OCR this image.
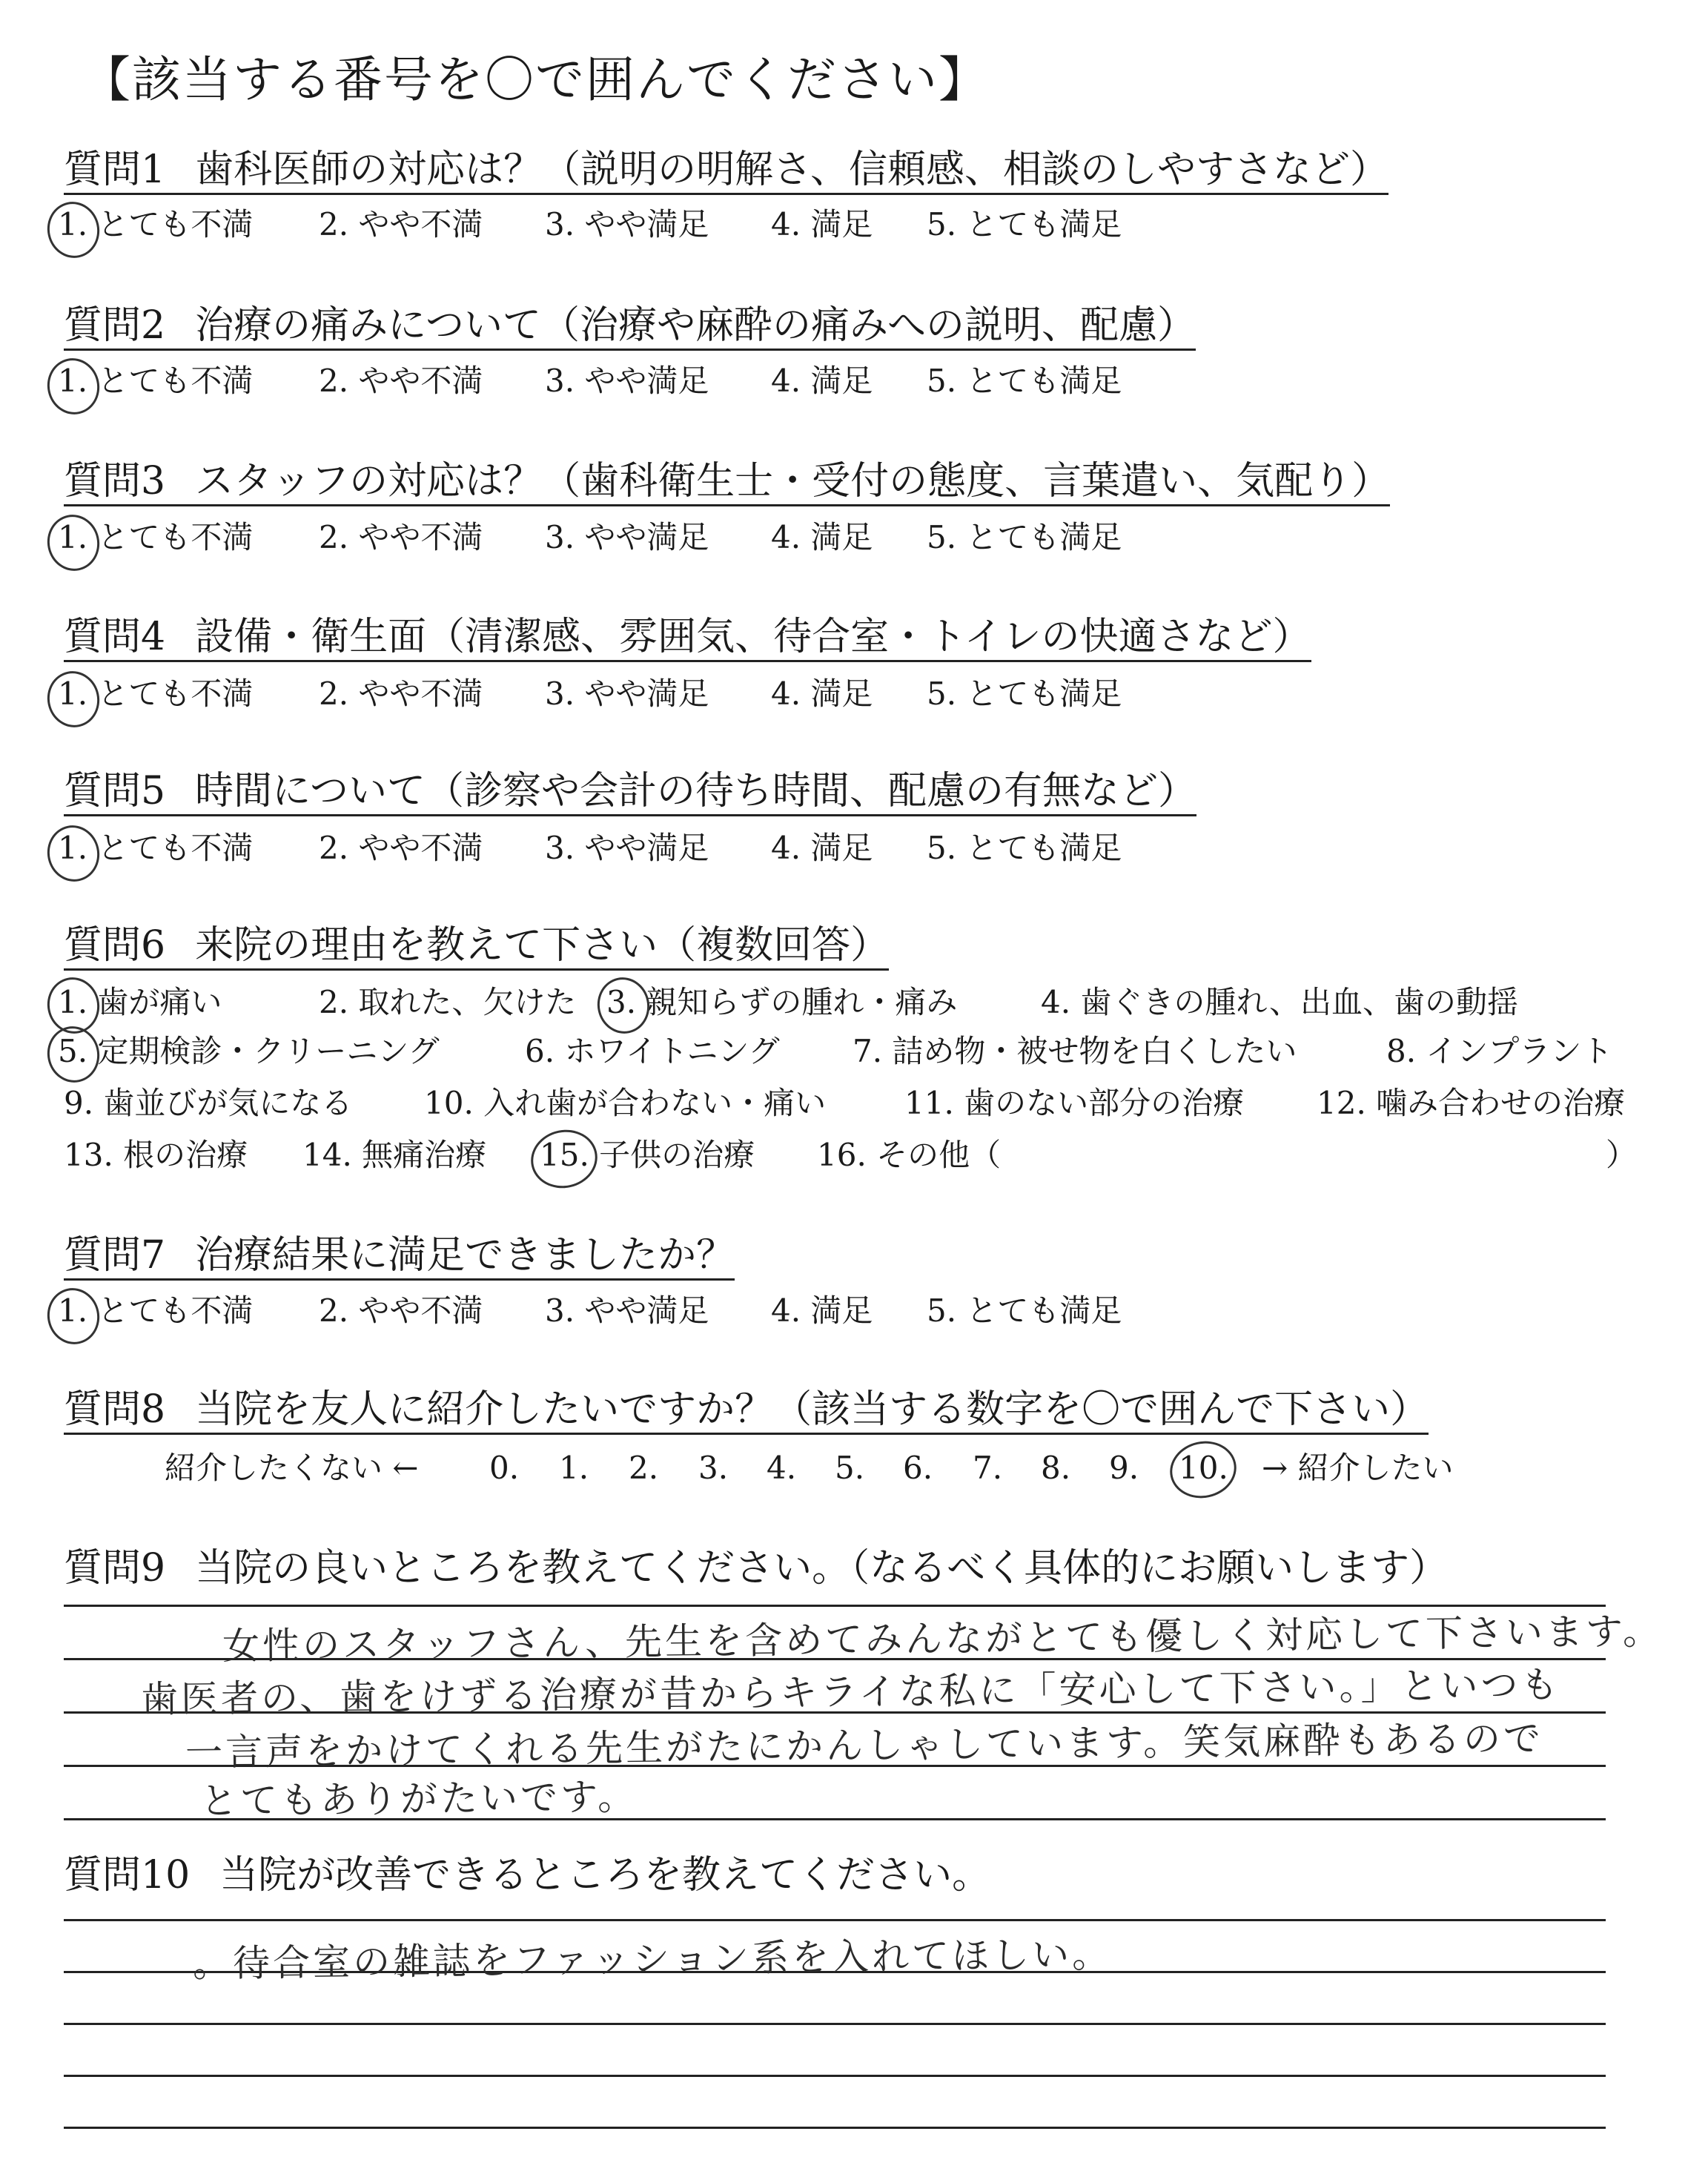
【該当する番号を〇で囲んでください】
質問1 歯科医師の対応は？（説明の明解さ、信頼感、相談のしやすさなど）
1. とても不満 2. やや不満 3. やや満足 4. 満足 5. とても満足
質問2 治療の痛みについて（治療や麻酔の痛みへの説明、配慮）
1. とても不満 2. やや不満 3. やや満足 4. 満足 5. とても満足
質問3 スタッフの対応は？（歯科衛生士・受付の態度、言葉遣い、気配り）
1. とても不満 2. やや不満 3. やや満足 4. 満足 5. とても満足
質問4 設備・衛生面（清潔感、雰囲気、待合室・トイレの快適さなど）
1. とても不満 2. やや不満 3. やや満足 4. 満足 5. とても満足
質問5 時間について（診察や会計の待ち時間、配慮の有無など）
1. とても不満 2. やや不満 3. やや満足 4. 満足 5. とても満足
質問6 来院の理由を教えて下さい（複数回答）
1. 歯が痛い	2. 取れた、欠けた 3. 親知らずの腫れ・痛み	4. 歯ぐきの腫れ、出血、歯の動揺
5. 定期検診・クリーニング	6. ホワイトニング 7. 詰め物・被せ物を白くしたい	8. インプラント
9. 歯並びが気になる 10. 入れ歯が合わない・痛い	11. 歯のない部分の治療 12. 噛み合わせの治療
13. 根の治療 14. 無痛治療 15. 子供の治療 16. その他（	）
質問7 治療結果に満足できましたか？
1. とても不満 2. やや不満 3. やや満足 4. 満足 5. とても満足
質問8 当院を友人に紹介したいですか？（該当する数字を〇で囲んで下さい）
紹介したくない ← 0. 1. 2. 3. 4. 5. 6. 7. 8. 9. 10. → 紹介したい
質問9 当院の良いところを教えてください。（なるべく具体的にお願いします）
女性のスタッフさん、先生を含めてみんながとても優しく対応して下さいます。
歯医者の、歯をけずる治療が昔からキライな私に「安心して下さい。」といつも
一言声をかけてくれる先生がたにかんしゃしています。笑気麻酔もあるので
とてもありがたいです。
質問10 当院が改善できるところを教えてください。
。待合室の雑誌をファッション系を入れてほしい。
